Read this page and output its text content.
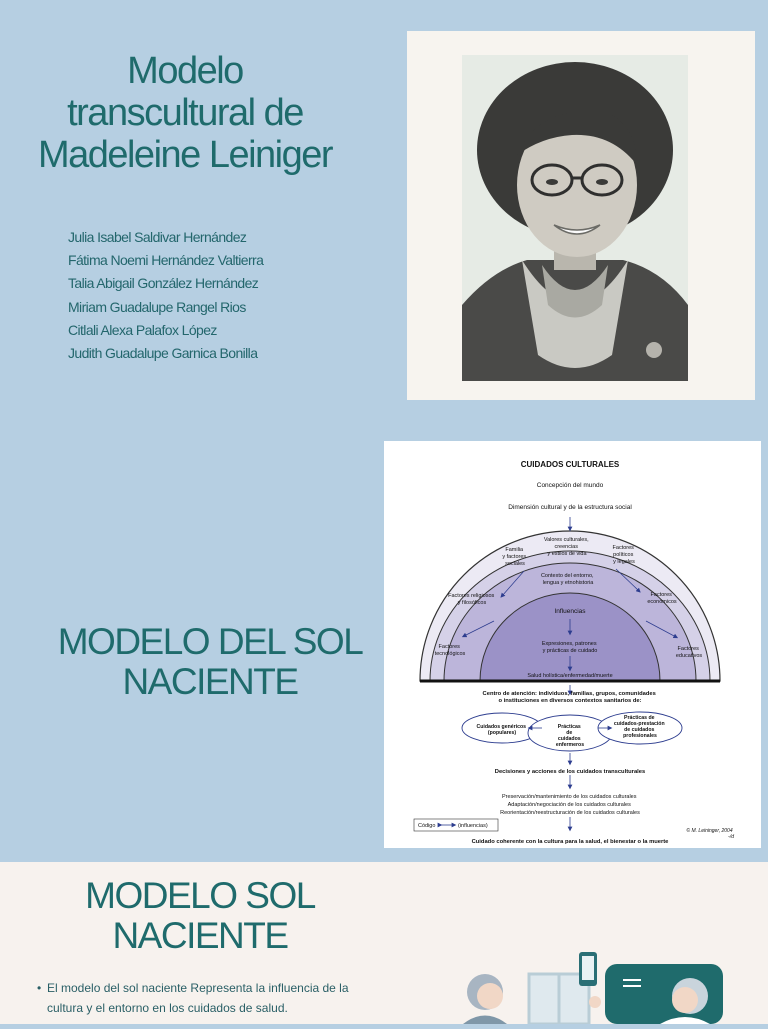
Modelo
transcultural de
Madeleine Leiniger
Julia Isabel Saldivar Hernández
Fátima Noemi Hernández Valtierra
Talia Abigail González Hernández
Miriam Guadalupe Rangel Rios
Citlali Alexa Palafox López
Judith Guadalupe Garnica Bonilla
MODELO DEL SOL
NACIENTE
CUIDADOS CULTURALES
Concepción del mundo
Dimensión cultural y de la estructura social
Valores culturales, creencias y estilos de vida
Familia y factores sociales
Factores políticos y legales
Contexto del entorno, lengua y etnohistoria
Factores religiosos y filosóficos
Factores económicos
Influencias
Factores tecnológicos
Factores educativos
Expresiones, patrones y prácticas de cuidado
Salud holística/enfermedad/muerte
Centro de atención: individuos, familias, grupos, comunidades o instituciones en diversos contextos sanitarios de:
Cuidados genéricos (populares)
Prácticas de cuidados enfermeros
Prácticas de cuidados-prestación de cuidados profesionales
Decisiones y acciones de los cuidados transculturales
Preservación/mantenimiento de los cuidados culturales Adaptación/negociación de los cuidados culturales Reorientación/reestructuración de los cuidados culturales
Código	(influencias)
© M. Leininger, 2004 -/d
Cuidado coherente con la cultura para la salud, el bienestar o la muerte
MODELO SOL
NACIENTE
• El modelo del sol naciente Representa la influencia de la cultura y el entorno en los cuidados de salud.
